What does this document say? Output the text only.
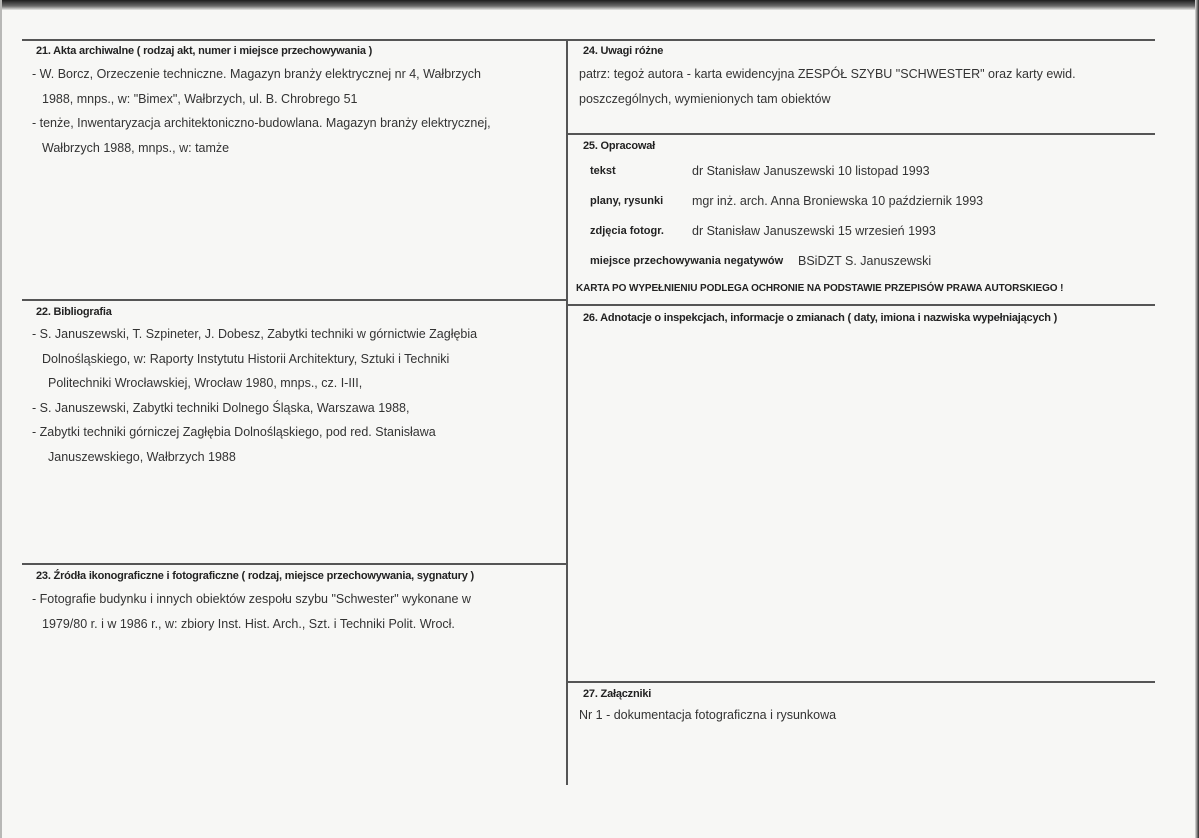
21. Akta archiwalne ( rodzaj akt, numer i miejsce przechowywania )
- W. Borcz, Orzeczenie techniczne. Magazyn branży elektrycznej nr 4, Wałbrzych
1988, mnps., w: "Bimex", Wałbrzych, ul. B. Chrobrego 51
- tenże, Inwentaryzacja architektoniczno-budowlana. Magazyn branży elektrycznej,
Wałbrzych 1988, mnps., w: tamże
22. Bibliografia
- S. Januszewski, T. Szpineter, J. Dobesz, Zabytki techniki w górnictwie Zagłębia
Dolnośląskiego, w: Raporty Instytutu Historii Architektury, Sztuki i Techniki
Politechniki Wrocławskiej, Wrocław 1980, mnps., cz. I-III,
- S. Januszewski, Zabytki techniki Dolnego Śląska, Warszawa 1988,
- Zabytki techniki górniczej Zagłębia Dolnośląskiego, pod red. Stanisława
Januszewskiego, Wałbrzych 1988
23. Źródła ikonograficzne i fotograficzne ( rodzaj, miejsce przechowywania, sygnatury )
- Fotografie budynku i innych obiektów zespołu szybu "Schwester" wykonane w
1979/80 r. i w 1986 r., w: zbiory Inst. Hist. Arch., Szt. i Techniki Polit. Wrocł.
24. Uwagi różne
patrz: tegoż autora - karta ewidencyjna ZESPÓŁ SZYBU "SCHWESTER" oraz karty ewid.
poszczególnych, wymienionych tam obiektów
25. Opracował
tekst	dr Stanisław Januszewski 10 listopad 1993
plany, rysunki mgr inż. arch. Anna Broniewska 10 październik 1993
zdjęcia fotogr. dr Stanisław Januszewski 15 wrzesień 1993
miejsce przechowywania negatywów BSiDZT S. Januszewski
KARTA PO WYPEŁNIENIU PODLEGA OCHRONIE NA PODSTAWIE PRZEPISÓW PRAWA AUTORSKIEGO !
26. Adnotacje o inspekcjach, informacje o zmianach ( daty, imiona i nazwiska wypełniających )
27. Załączniki
Nr 1 - dokumentacja fotograficzna i rysunkowa
